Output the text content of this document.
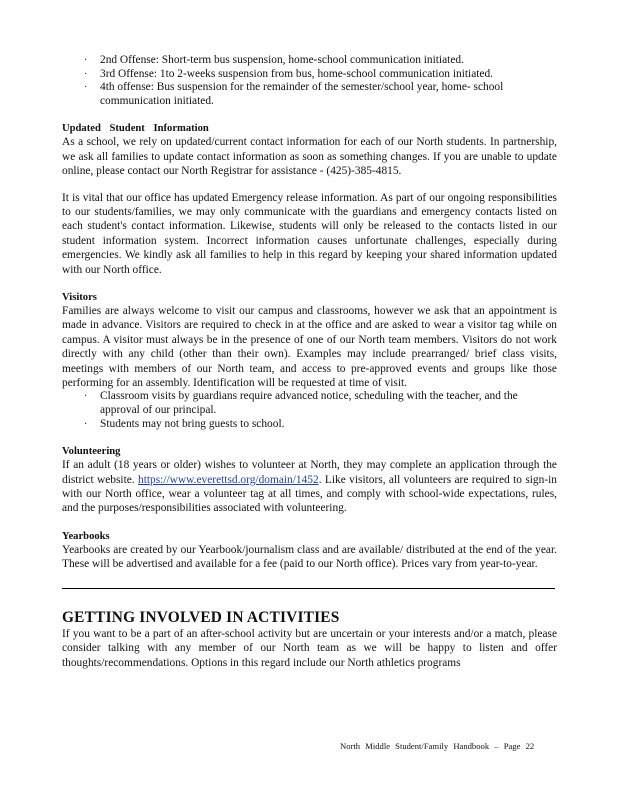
· 2nd Offense: Short-term bus suspension, home-school communication initiated.
· 3rd Offense: 1to 2-weeks suspension from bus, home-school communication initiated.
· 4th offense: Bus suspension for the remainder of the semester/school year, home- school communication initiated.
Updated Student Information

As a school, we rely on updated/current contact information for each of our North students. In partnership, we ask all families to update contact information as soon as something changes. If you are unable to update online, please contact our North Registrar for assistance - (425)-385-4815.

It is vital that our office has updated Emergency release information. As part of our ongoing responsibilities to our students/families, we may only communicate with the guardians and emergency contacts listed on each student's contact information. Likewise, students will only be released to the contacts listed in our student information system. Incorrect information causes unfortunate challenges, especially during emergencies. We kindly ask all families to help in this regard by keeping your shared information updated with our North office.

Visitors

Families are always welcome to visit our campus and classrooms, however we ask that an appointment is made in advance. Visitors are required to check in at the office and are asked to wear a visitor tag while on campus. A visitor must always be in the presence of one of our North team members. Visitors do not work directly with any child (other than their own). Examples may include prearranged/ brief class visits, meetings with members of our North team, and access to pre-approved events and groups like those performing for an assembly. Identification will be requested at time of visit.

· Classroom visits by guardians require advanced notice, scheduling with the teacher, and the approval of our principal.
· Students may not bring guests to school.
Volunteering

If an adult (18 years or older) wishes to volunteer at North, they may complete an application through the district website. https://www.everettsd.org/domain/1452. Like visitors, all volunteers are required to sign-in with our North office, wear a volunteer tag at all times, and comply with school-wide expectations, rules, and the purposes/responsibilities associated with volunteering.

Yearbooks

Yearbooks are created by our Yearbook/journalism class and are available/ distributed at the end of the year. These will be advertised and available for a fee (paid to our North office). Prices vary from year-to-year.

GETTING INVOLVED IN ACTIVITIES

If you want to be a part of an after-school activity but are uncertain or your interests and/or a match, please consider talking with any member of our North team as we will be happy to listen and offer thoughts/recommendations. Options in this regard include our North athletics programs

North Middle Student/Family Handbook – Page 22
